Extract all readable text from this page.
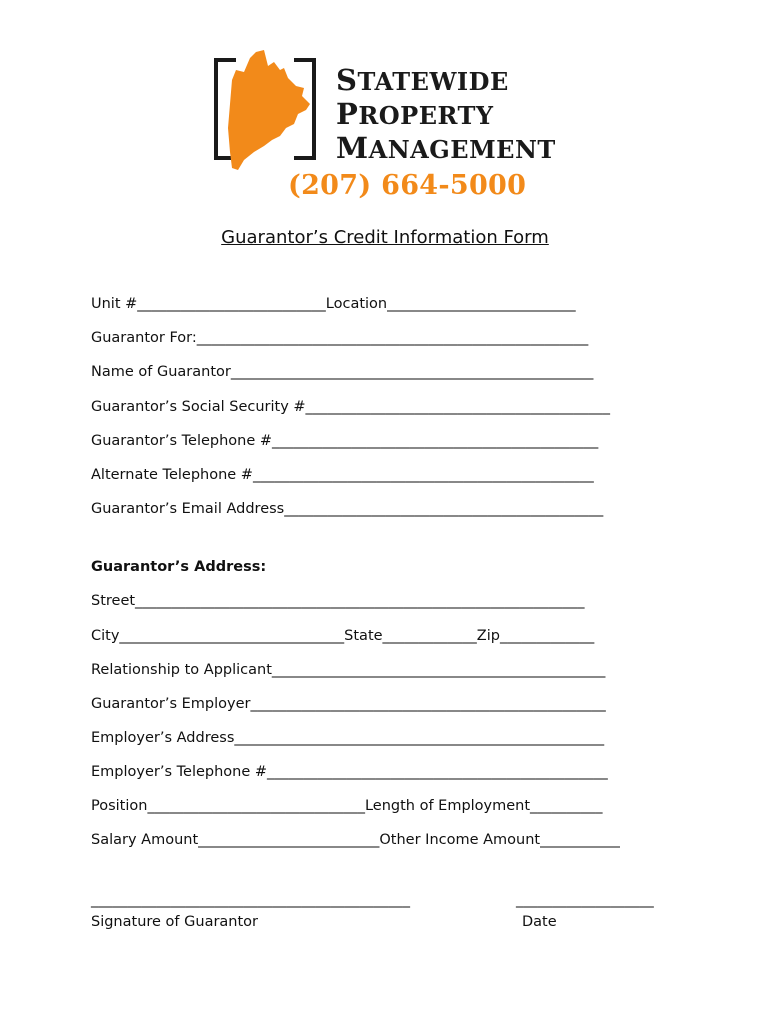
STATEWIDE
PROPERTY
MANAGEMENT
(207) 664-5000
Guarantor’s Credit Information Form
Unit #__________________________Location__________________________
Guarantor For:______________________________________________________
Name of Guarantor__________________________________________________
Guarantor’s Social Security #__________________________________________
Guarantor’s Telephone #_____________________________________________
Alternate Telephone #_______________________________________________
Guarantor’s Email Address____________________________________________
Guarantor’s Address:
Street______________________________________________________________
City_______________________________State_____________Zip_____________
Relationship to Applicant______________________________________________
Guarantor’s Employer_________________________________________________
Employer’s Address___________________________________________________
Employer’s Telephone #_______________________________________________
Position______________________________Length of Employment__________
Salary Amount_________________________Other Income Amount___________
____________________________________________	___________________
Signature of Guarantor	Date
